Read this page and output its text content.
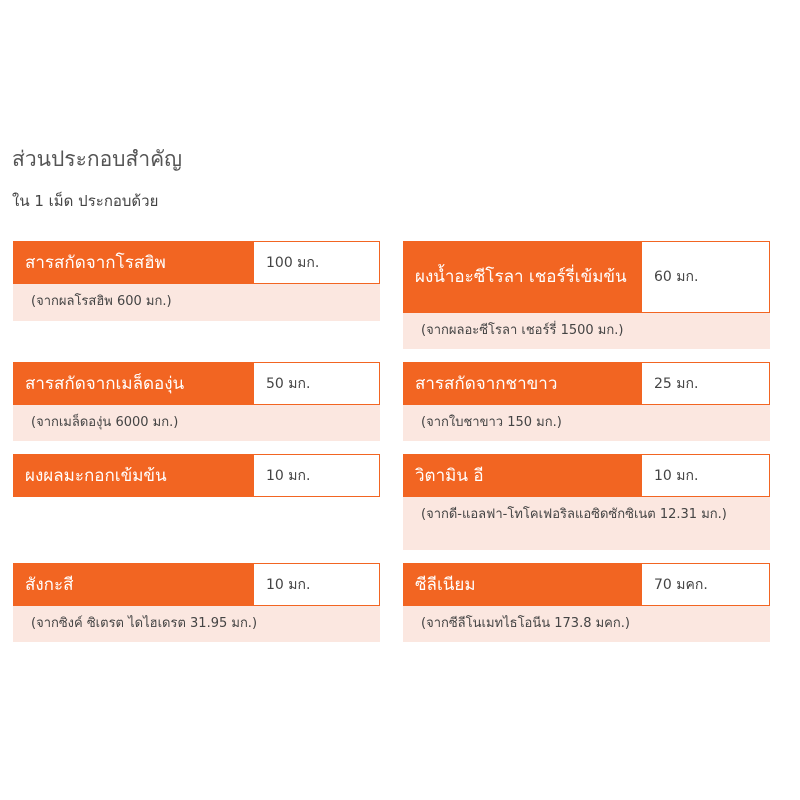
ส่วนประกอบสำคัญ
ใน 1 เม็ด ประกอบด้วย
สารสกัดจากโรสฮิพ	100 มก.
(จากผลโรสฮิพ 600 มก.)
ผงน้ำอะซีโรลา เชอร์รี่เข้มข้น	60 มก.
(จากผลอะซีโรลา เชอร์รี่ 1500 มก.)
สารสกัดจากเมล็ดองุ่น	50 มก.
(จากเมล็ดองุ่น 6000 มก.)
สารสกัดจากชาขาว	25 มก.
(จากใบชาขาว 150 มก.)
ผงผลมะกอกเข้มข้น	10 มก.	วิตามิน อี	10 มก.
(จากดี-แอลฟา-โทโคเฟอริลแอซิดซักซิเนต 12.31 มก.)
สังกะสี	10 มก.
(จากซิงค์ ซิเตรต ไดไฮเดรต 31.95 มก.)
ซีลีเนียม	70 มคก.
(จากซีลีโนเมทไธโอนีน 173.8 มคก.)
